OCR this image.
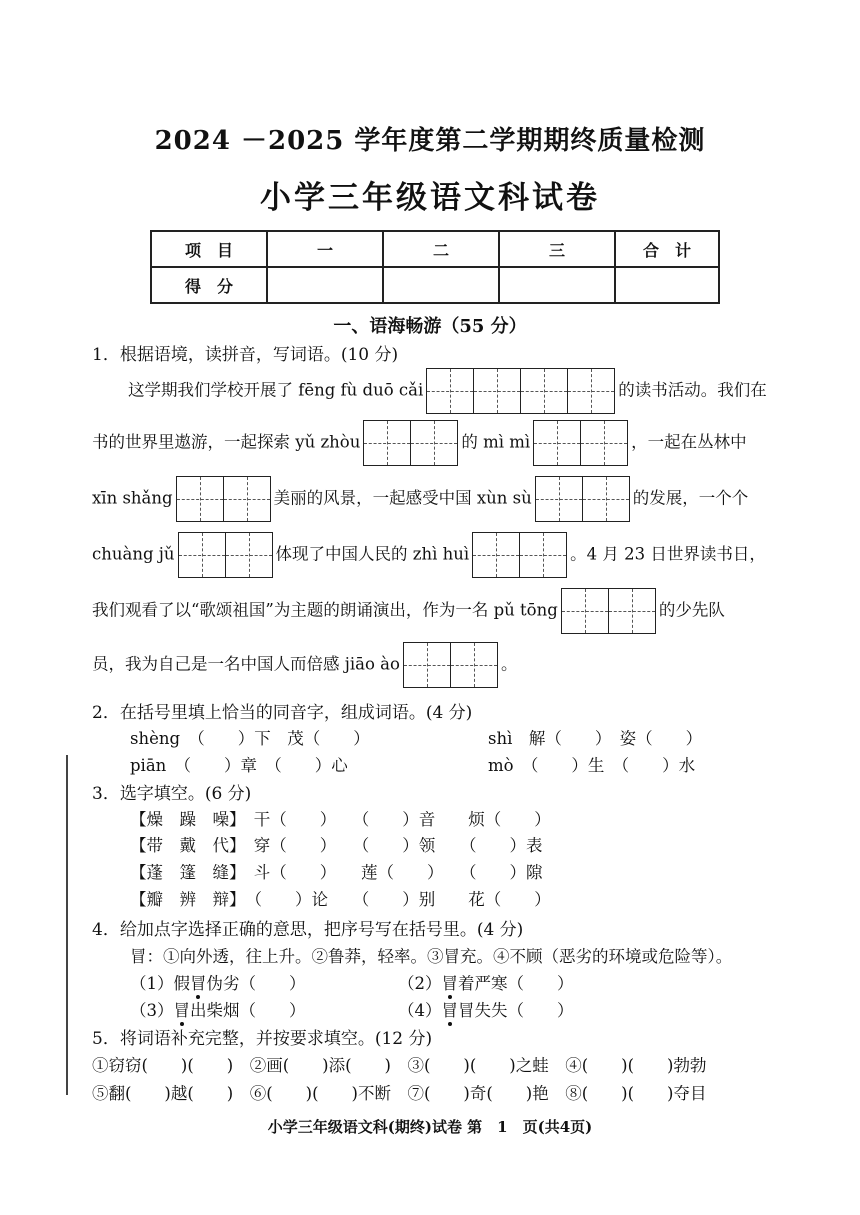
2024 －2025 学年度第二学期期终质量检测
小学三年级语文科试卷
项　目	一	二	三	合　计
得　分				
一、语海畅游（55 分）
1．根据语境，读拼音，写词语。(10 分)
这学期我们学校开展了 fēng fù duō cǎi	的读书活动。我们在
书的世界里遨游，一起探索 yǔ zhòu	的 mì mì	，一起在丛林中
xīn shǎng	美丽的风景，一起感受中国 xùn sù	的发展，一个个
chuàng jǔ	体现了中国人民的 zhì huì	。4 月 23 日世界读书日，
我们观看了以“歌颂祖国”为主题的朗诵演出，作为一名 pǔ tōng	的少先队
员，我为自己是一名中国人而倍感 jiāo ào	。
2．在括号里填上恰当的同音字，组成词语。(4 分)
shèng　（　　）下　茂（　　）	shì　解（　　）　姿（　　）
piān　（　　）章　（　　）心	mò　（　　）生　（　　）水
3．选字填空。(6 分)
【燥　躁　噪】　干（　　）　　（　　）音　　烦（　　）
【带　戴　代】　穿（　　）　　（　　）领　　（　　）表
【蓬　篷　缝】　斗（　　）　　莲（　　）　　（　　）隙
【瓣　辨　辩】　（　　）论　　（　　）别　　花（　　）
4．给加点字选择正确的意思，把序号写在括号里。(4 分)
冒：①向外透，往上升。②鲁莽，轻率。③冒充。④不顾（恶劣的环境或危险等）。
（1）假冒伪劣（　　）	（2）冒着严寒（　　）
（3）冒出柴烟（　　）	（4）冒冒失失（　　）
5．将词语补充完整，并按要求填空。(12 分)
①窃窃(　　)(　　)　②画(　　)添(　　)　③(　　)(　　)之蛙　④(　　)(　　)勃勃
⑤翻(　　)越(　　)　⑥(　　)(　　)不断　⑦(　　)奇(　　)艳　⑧(　　)(　　)夺目
小学三年级语文科(期终)试卷 第　1　页(共4页)
